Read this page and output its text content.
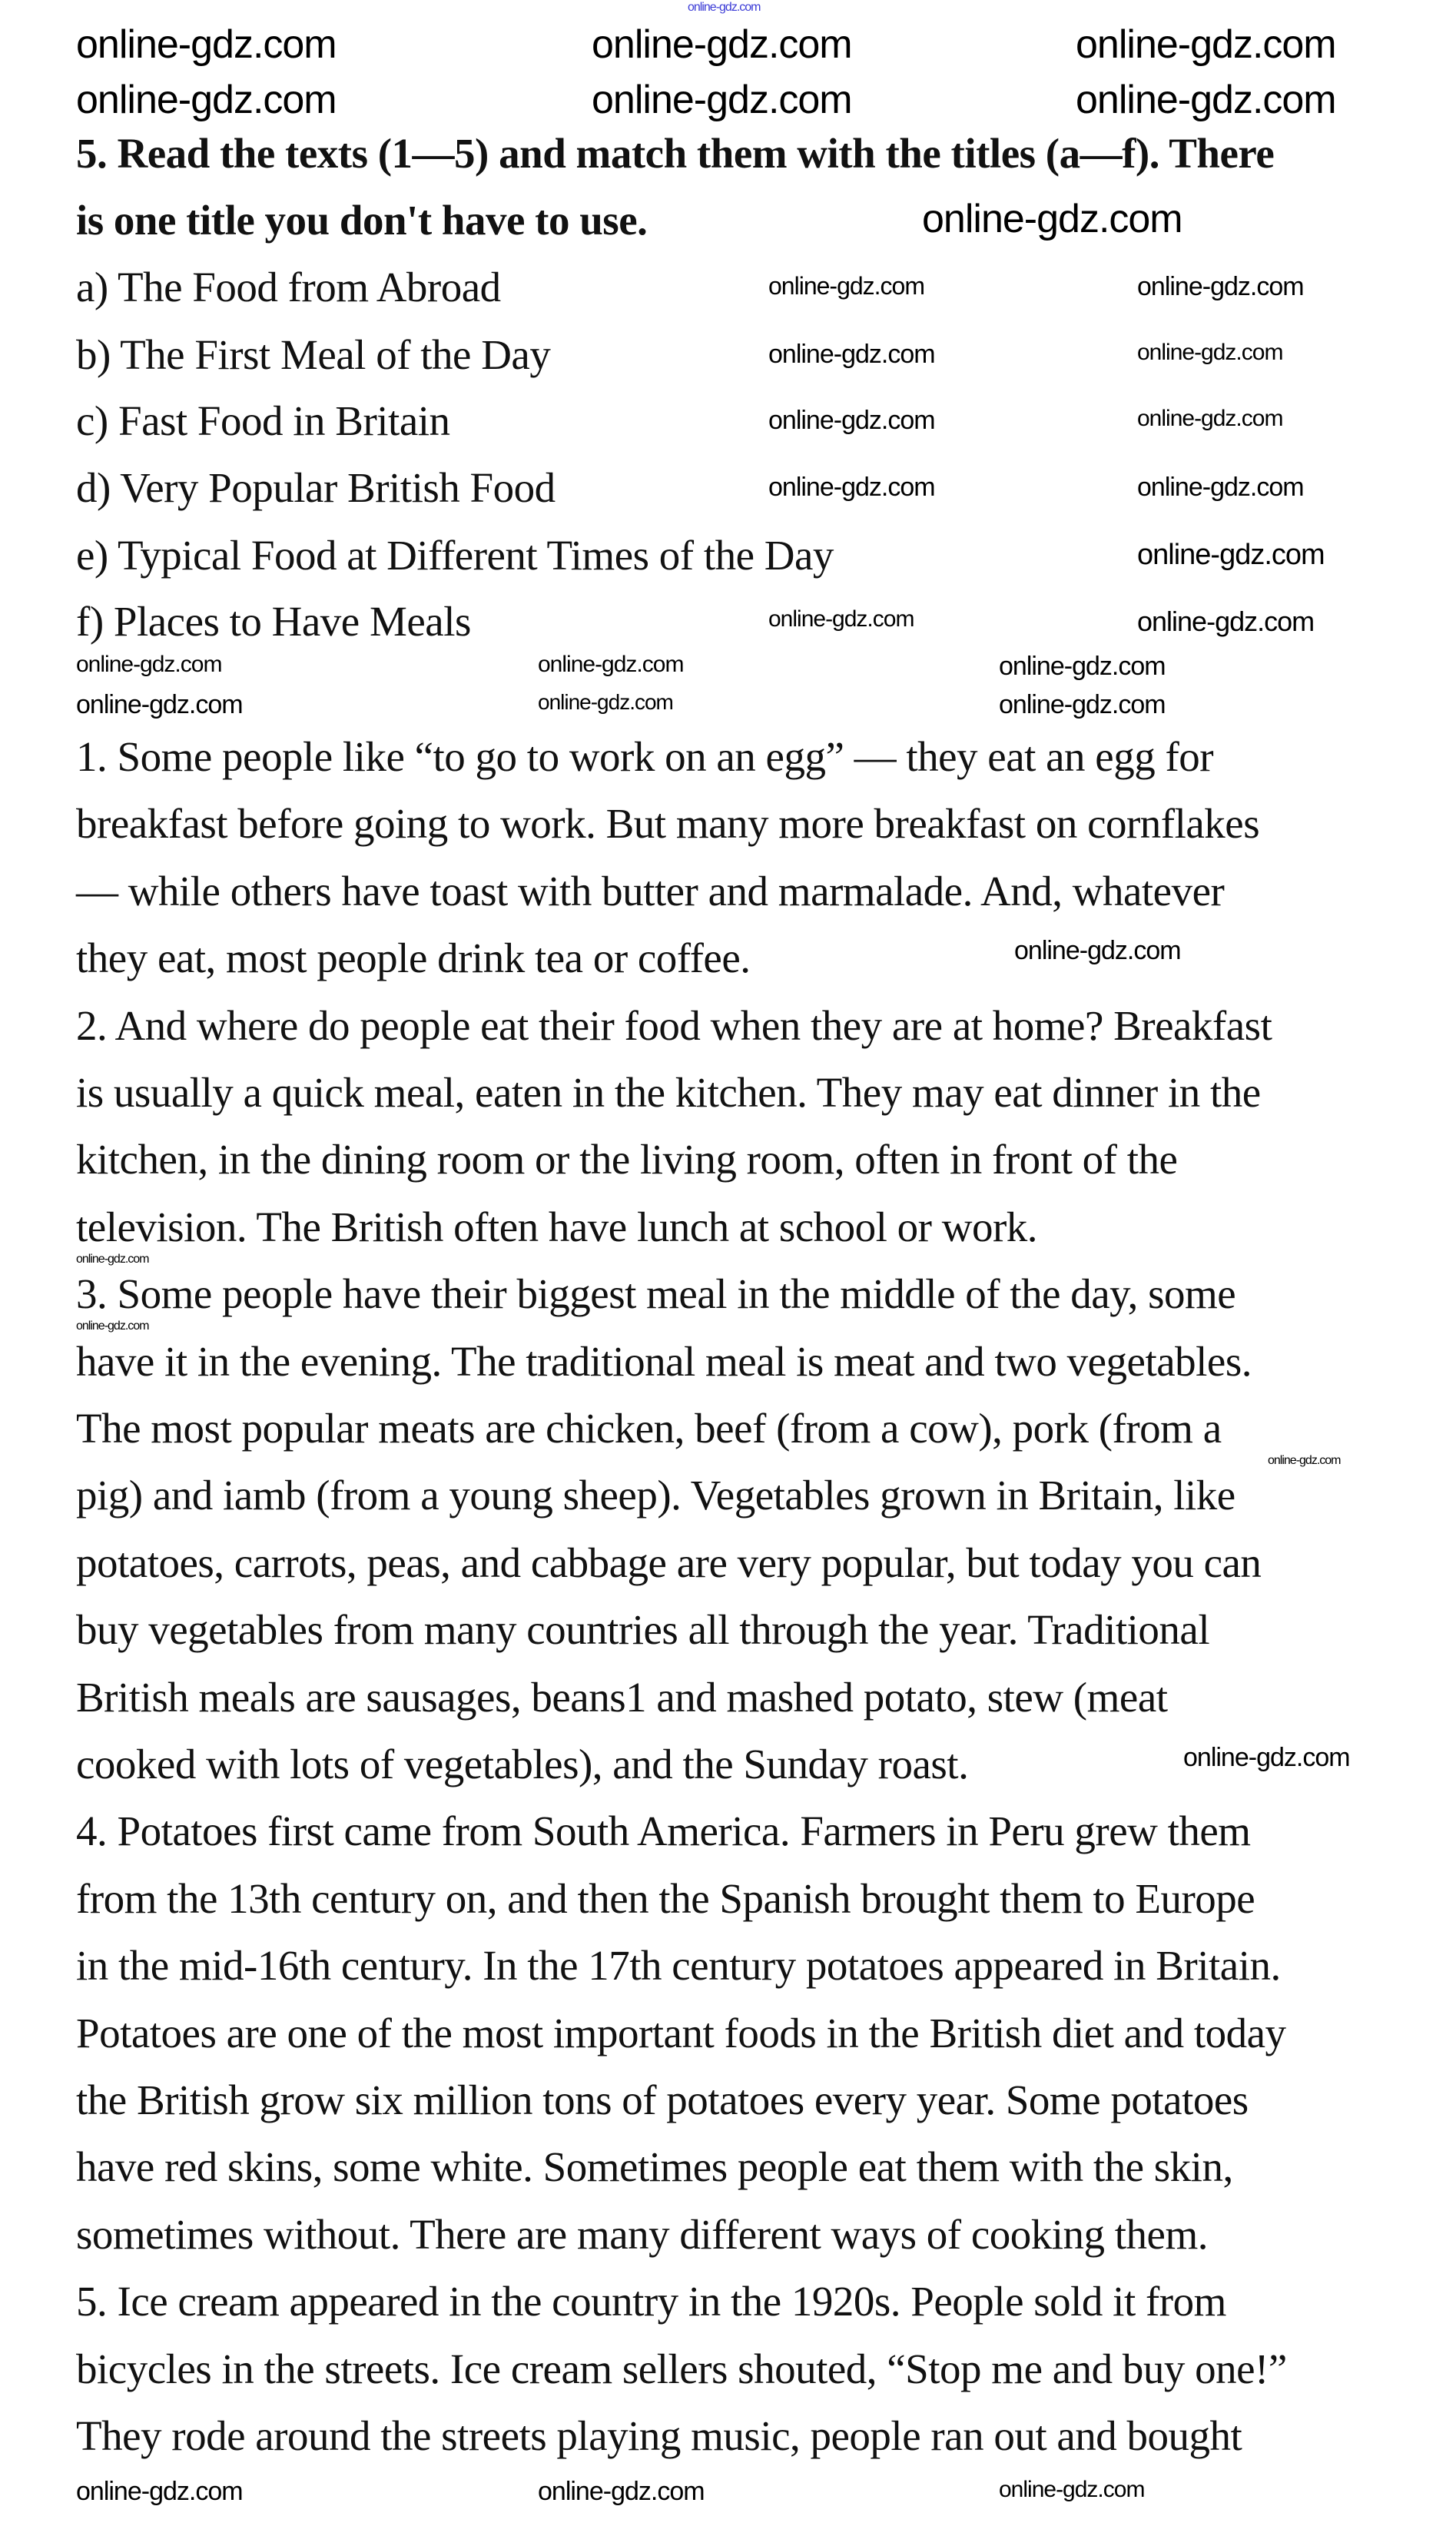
5. Read the texts (1—5) and match them with the titles (a—f). There
is one title you don't have to use.
a) The Food from Abroad
b) The First Meal of the Day
c) Fast Food in Britain
d) Very Popular British Food
e) Typical Food at Different Times of the Day
f) Places to Have Meals
1. Some people like “to go to work on an egg” — they eat an egg for
breakfast before going to work. But many more breakfast on cornflakes
— while others have toast with butter and marmalade. And, whatever
they eat, most people drink tea or coffee.
2. And where do people eat their food when they are at home? Breakfast
is usually a quick meal, eaten in the kitchen. They may eat dinner in the
kitchen, in the dining room or the living room, often in front of the
television. The British often have lunch at school or work.
3. Some people have their biggest meal in the middle of the day, some
have it in the evening. The traditional meal is meat and two vegetables.
The most popular meats are chicken, beef (from a cow), pork (from a
pig) and iamb (from a young sheep). Vegetables grown in Britain, like
potatoes, carrots, peas, and cabbage are very popular, but today you can
buy vegetables from many countries all through the year. Traditional
British meals are sausages, beans1 and mashed potato, stew (meat
cooked with lots of vegetables), and the Sunday roast.
4. Potatoes first came from South America. Farmers in Peru grew them
from the 13th century on, and then the Spanish brought them to Europe
in the mid-16th century. In the 17th century potatoes appeared in Britain.
Potatoes are one of the most important foods in the British diet and today
the British grow six million tons of potatoes every year. Some potatoes
have red skins, some white. Sometimes people eat them with the skin,
sometimes without. There are many different ways of cooking them.
5. Ice cream appeared in the country in the 1920s. People sold it from
bicycles in the streets. Ice cream sellers shouted, “Stop me and buy one!”
They rode around the streets playing music, people ran out and bought
online-gdz.com
online-gdz.com	online-gdz.com	online-gdz.com
online-gdz.com	online-gdz.com	online-gdz.com
online-gdz.com
online-gdz.com
online-gdz.com
online-gdz.com
online-gdz.com
online-gdz.com
online-gdz.com
online-gdz.com
online-gdz.com
online-gdz.com
online-gdz.com
online-gdz.com
online-gdz.com	online-gdz.com	online-gdz.com
online-gdz.com	online-gdz.com	online-gdz.com
online-gdz.com
online-gdz.com
online-gdz.com
online-gdz.com
online-gdz.com
online-gdz.com	online-gdz.com	online-gdz.com
